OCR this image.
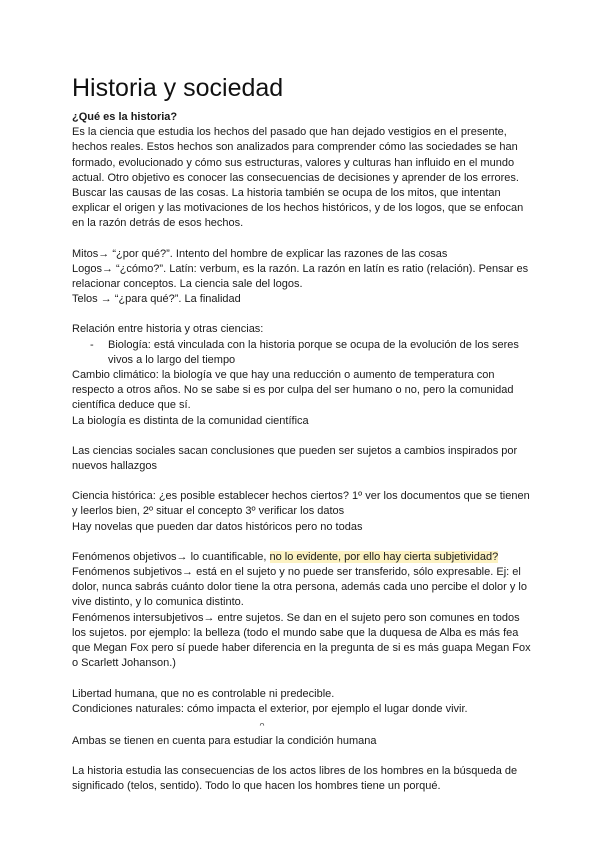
Historia y sociedad

¿Qué es la historia?

Es la ciencia que estudia los hechos del pasado que han dejado vestigios en el presente, hechos reales. Estos hechos son analizados para comprender cómo las sociedades se han formado, evolucionado y cómo sus estructuras, valores y culturas han influido en el mundo actual. Otro objetivo es conocer las consecuencias de decisiones y aprender de los errores. Buscar las causas de las cosas. La historia también se ocupa de los mitos, que intentan explicar el origen y las motivaciones de los hechos históricos, y de los logos, que se enfocan en la razón detrás de esos hechos.

Mitos→ “¿por qué?”. Intento del hombre de explicar las razones de las cosas

Logos→ “¿cómo?”. Latín: verbum, es la razón. La razón en latín es ratio (relación). Pensar es relacionar conceptos. La ciencia sale del logos.

Telos → “¿para qué?”. La finalidad

Relación entre historia y otras ciencias:

-	Biología: está vinculada con la historia porque se ocupa de la evolución de los seres vivos a lo largo del tiempo

Cambio climático: la biología ve que hay una reducción o aumento de temperatura con respecto a otros años. No se sabe si es por culpa del ser humano o no, pero la comunidad científica deduce que sí.

La biología es distinta de la comunidad científica

Las ciencias sociales sacan conclusiones que pueden ser sujetos a cambios inspirados por nuevos hallazgos

Ciencia histórica: ¿es posible establecer hechos ciertos? 1º ver los documentos que se tienen y leerlos bien, 2º situar el concepto 3º verificar los datos

Hay novelas que pueden dar datos históricos pero no todas

Fenómenos objetivos→ lo cuantificable, no lo evidente, por ello hay cierta subjetividad?

Fenómenos subjetivos→ está en el sujeto y no puede ser transferido, sólo expresable. Ej: el dolor, nunca sabrás cuánto dolor tiene la otra persona, además cada uno percibe el dolor y lo vive distinto, y lo comunica distinto.

Fenómenos intersubjetivos→ entre sujetos. Se dan en el sujeto pero son comunes en todos los sujetos. por ejemplo: la belleza (todo el mundo sabe que la duquesa de Alba es más fea que Megan Fox pero sí puede haber diferencia en la pregunta de si es más guapa Megan Fox o Scarlett Johanson.)

Libertad humana, que no es controlable ni predecible.

Condiciones naturales: cómo impacta el exterior, por ejemplo el lugar donde vivir.

ᴖ

Ambas se tienen en cuenta para estudiar la condición humana

La historia estudia las consecuencias de los actos libres de los hombres en la búsqueda de significado (telos, sentido). Todo lo que hacen los hombres tiene un porqué.
